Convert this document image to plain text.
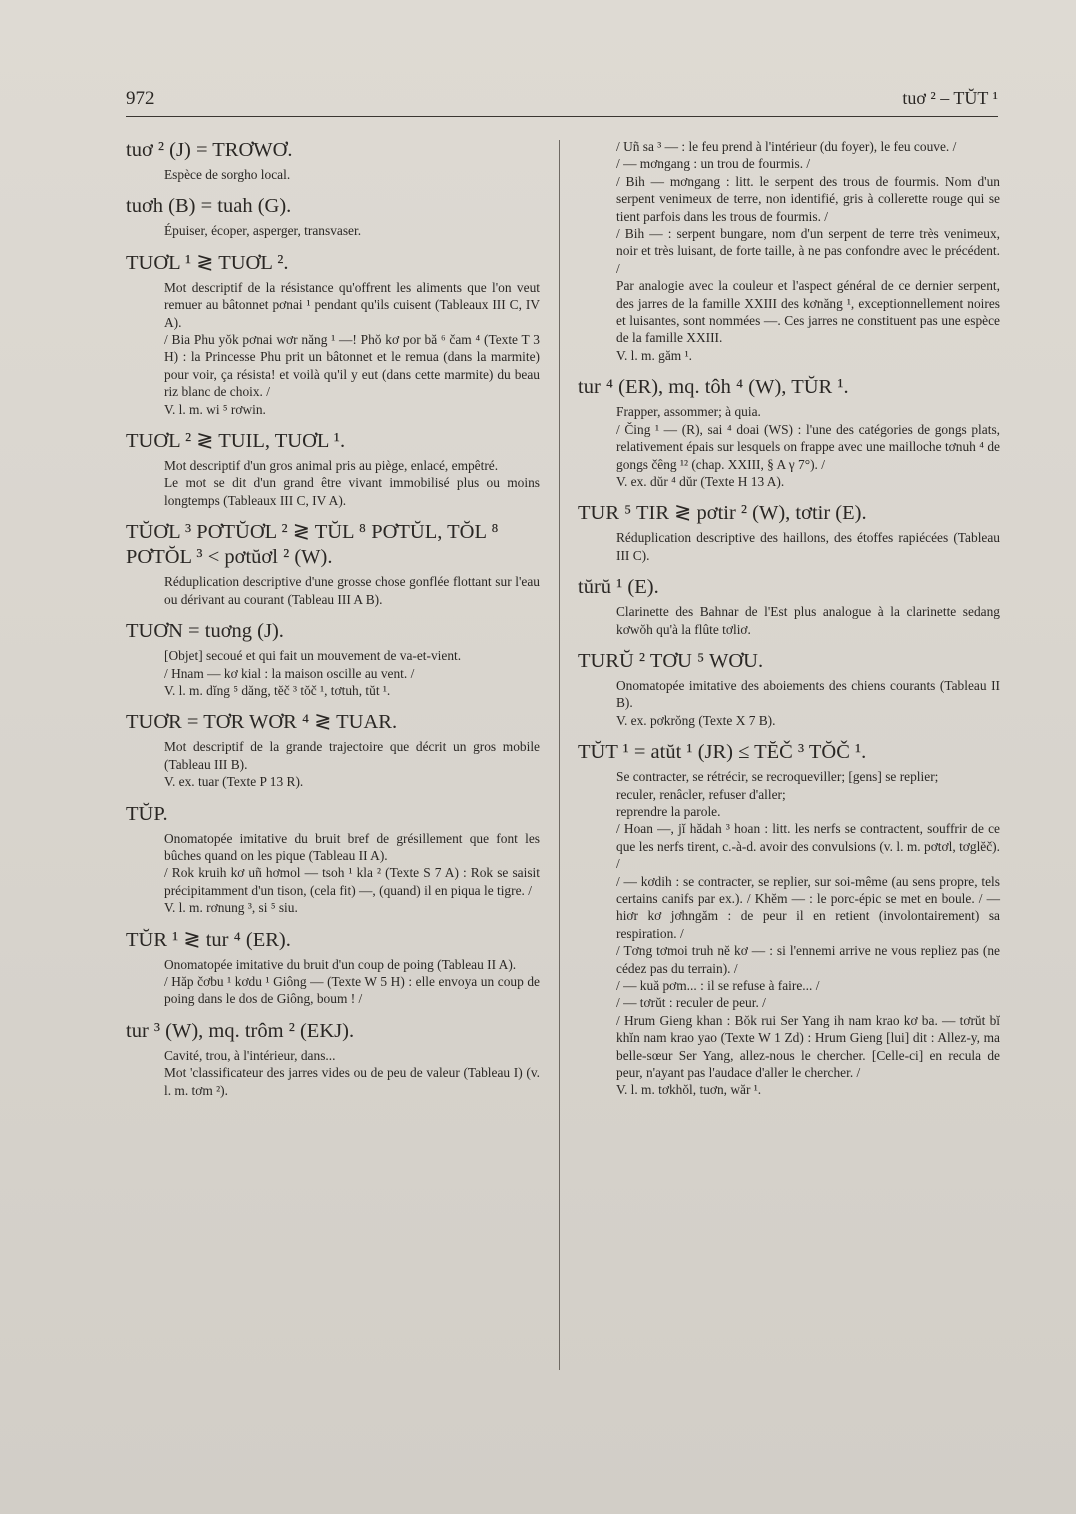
972	tuơ ² – TŬT ¹
tuơ ² (J) = TRƠWƠ.

Espèce de sorgho local.

tuơh (B) = tuah (G).

Épuiser, écoper, asperger, transvaser.

TUƠL ¹ ≷ TUƠL ².

Mot descriptif de la résistance qu'offrent les aliments que l'on veut remuer au bâtonnet pơnai ¹ pendant qu'ils cuisent (Tableaux III C, IV A).

/ Bia Phu yŏk pơnai wơr năng ¹ —! Phŏ kơ por bă ⁶ čam ⁴ (Texte T 3 H) : la Princesse Phu prit un bâtonnet et le remua (dans la marmite) pour voir, ça résista! et voilà qu'il y eut (dans cette marmite) du beau riz blanc de choix. /

V. l. m. wi ⁵ rơwin.

TUƠL ² ≷ TUIL, TUƠL ¹.

Mot descriptif d'un gros animal pris au piège, enlacé, empêtré.

Le mot se dit d'un grand être vivant immobilisé plus ou moins longtemps (Tableaux III C, IV A).

TŬƠL ³ PƠTŬƠL ² ≷ TŬL ⁸ PƠTŬL, TŎL ⁸ PƠTŎL ³ < pơtŭơl ² (W).

Réduplication descriptive d'une grosse chose gonflée flottant sur l'eau ou dérivant au courant (Tableau III A B).

TUƠN = tuơng (J).

[Objet] secoué et qui fait un mouvement de va-et-vient.

/ Hnam — kơ kial : la maison oscille au vent. /

V. l. m. dĭng ⁵ dăng, tĕč ³ tŏč ¹, tơtuh, tŭt ¹.

TUƠR = TƠR WƠR ⁴ ≷ TUAR.

Mot descriptif de la grande trajectoire que décrit un gros mobile (Tableau III B).

V. ex. tuar (Texte P 13 R).

TŬP.

Onomatopée imitative du bruit bref de grésillement que font les bûches quand on les pique (Tableau II A).

/ Rok kruih kơ uñ hơmol — tsoh ¹ kla ² (Texte S 7 A) : Rok se saisit précipitamment d'un tison, (cela fit) —, (quand) il en piqua le tigre. /

V. l. m. rơnung ³, si ⁵ siu.

TŬR ¹ ≷ tur ⁴ (ER).

Onomatopée imitative du bruit d'un coup de poing (Tableau II A).

/ Hăp čơbu ¹ kơdu ¹ Giông — (Texte W 5 H) : elle envoya un coup de poing dans le dos de Giông, boum ! /

tur ³ (W), mq. trôm ² (EKJ).

Cavité, trou, à l'intérieur, dans...

Mot 'classificateur des jarres vides ou de peu de valeur (Tableau I) (v. l. m. tơm ²).

/ Uñ sa ³ — : le feu prend à l'intérieur (du foyer), le feu couve. /

/ — mơngang : un trou de fourmis. /

/ Bih — mơngang : litt. le serpent des trous de fourmis. Nom d'un serpent venimeux de terre, non identifié, gris à collerette rouge qui se tient parfois dans les trous de fourmis. /

/ Bih — : serpent bungare, nom d'un serpent de terre très venimeux, noir et très luisant, de forte taille, à ne pas confondre avec le précédent. /

Par analogie avec la couleur et l'aspect général de ce dernier serpent, des jarres de la famille XXIII des kơnăng ¹, exceptionnellement noires et luisantes, sont nommées —. Ces jarres ne constituent pas une espèce de la famille XXIII.

V. l. m. găm ¹.

tur ⁴ (ER), mq. tôh ⁴ (W), TŬR ¹.

Frapper, assommer; à quia.

/ Čing ¹ — (R), sai ⁴ doai (WS) : l'une des catégories de gongs plats, relativement épais sur lesquels on frappe avec une mailloche tơnuh ⁴ de gongs čêng ¹² (chap. XXIII, § A γ 7°). /

V. ex. dŭr ⁴ dŭr (Texte H 13 A).

TUR ⁵ TIR ≷ pơtir ² (W), tơtir (E).

Réduplication descriptive des haillons, des étoffes rapiécées (Tableau III C).

tŭrŭ ¹ (E).

Clarinette des Bahnar de l'Est plus analogue à la clarinette sedang kơwŏh qu'à la flûte tơliơ.

TURŬ ² TƠU ⁵ WƠU.

Onomatopée imitative des aboiements des chiens courants (Tableau II B).

V. ex. pơkrŏng (Texte X 7 B).

TŬT ¹ = atŭt ¹ (JR) ≤ TĔČ ³ TŎČ ¹.

Se contracter, se rétrécir, se recroqueviller; [gens] se replier;

reculer, renâcler, refuser d'aller;

reprendre la parole.

/ Hoan —, jĭ hădah ³ hoan : litt. les nerfs se contractent, souffrir de ce que les nerfs tirent, c.-à-d. avoir des convulsions (v. l. m. pơtơl, tơglĕč). /

/ — kơdih : se contracter, se replier, sur soi-même (au sens propre, tels certains canifs par ex.). / Khĕm — : le porc-épic se met en boule. / — hiơr kơ jơhngăm : de peur il en retient (involontairement) sa respiration. /

/ Tơng tơmoi truh nĕ kơ — : si l'ennemi arrive ne vous repliez pas (ne cédez pas du terrain). /

/ — kuă pơm... : il se refuse à faire... /

/ — tơrŭt : reculer de peur. /

/ Hrum Gieng khan : Bŏk rui Ser Yang ih nam krao kơ ba. — tơrŭt bĭ khĭn nam krao yao (Texte W 1 Zd) : Hrum Gieng [lui] dit : Allez-y, ma belle-sœur Ser Yang, allez-nous le chercher. [Celle-ci] en recula de peur, n'ayant pas l'audace d'aller le chercher. /

V. l. m. tơkhŏl, tuơn, wăr ¹.
